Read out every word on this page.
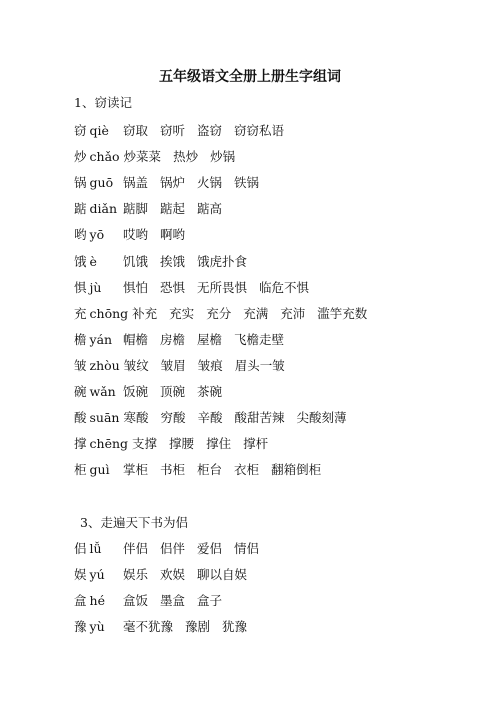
五年级语文全册上册生字组词
1、窃读记
窃 qiè 窃取 窃听 盗窃 窃窃私语
炒 chǎo 炒菜菜 热炒 炒锅
锅 guō 锅盖 锅炉 火锅 铁锅
踮 diǎn 踮脚 踮起 踮高
哟 yō 哎哟 啊哟
饿 è 饥饿 挨饿 饿虎扑食
惧 jù 惧怕 恐惧 无所畏惧 临危不惧
充 chōng 补充 充实 充分 充满 充沛 滥竽充数
檐 yán 帽檐 房檐 屋檐 飞檐走壁
皱 zhòu 皱纹 皱眉 皱痕 眉头一皱
碗 wǎn 饭碗 顶碗 茶碗
酸 suān 寒酸 穷酸 辛酸 酸甜苦辣 尖酸刻薄
撑 chēng 支撑 撑腰 撑住 撑杆
柜 guì 掌柜 书柜 柜台 衣柜 翻箱倒柜
3、走遍天下书为侣
侣 lǚ 伴侣 侣伴 爱侣 情侣
娱 yú 娱乐 欢娱 聊以自娱
盒 hé 盒饭 墨盒 盒子
豫 yù 毫不犹豫 豫剧 犹豫
